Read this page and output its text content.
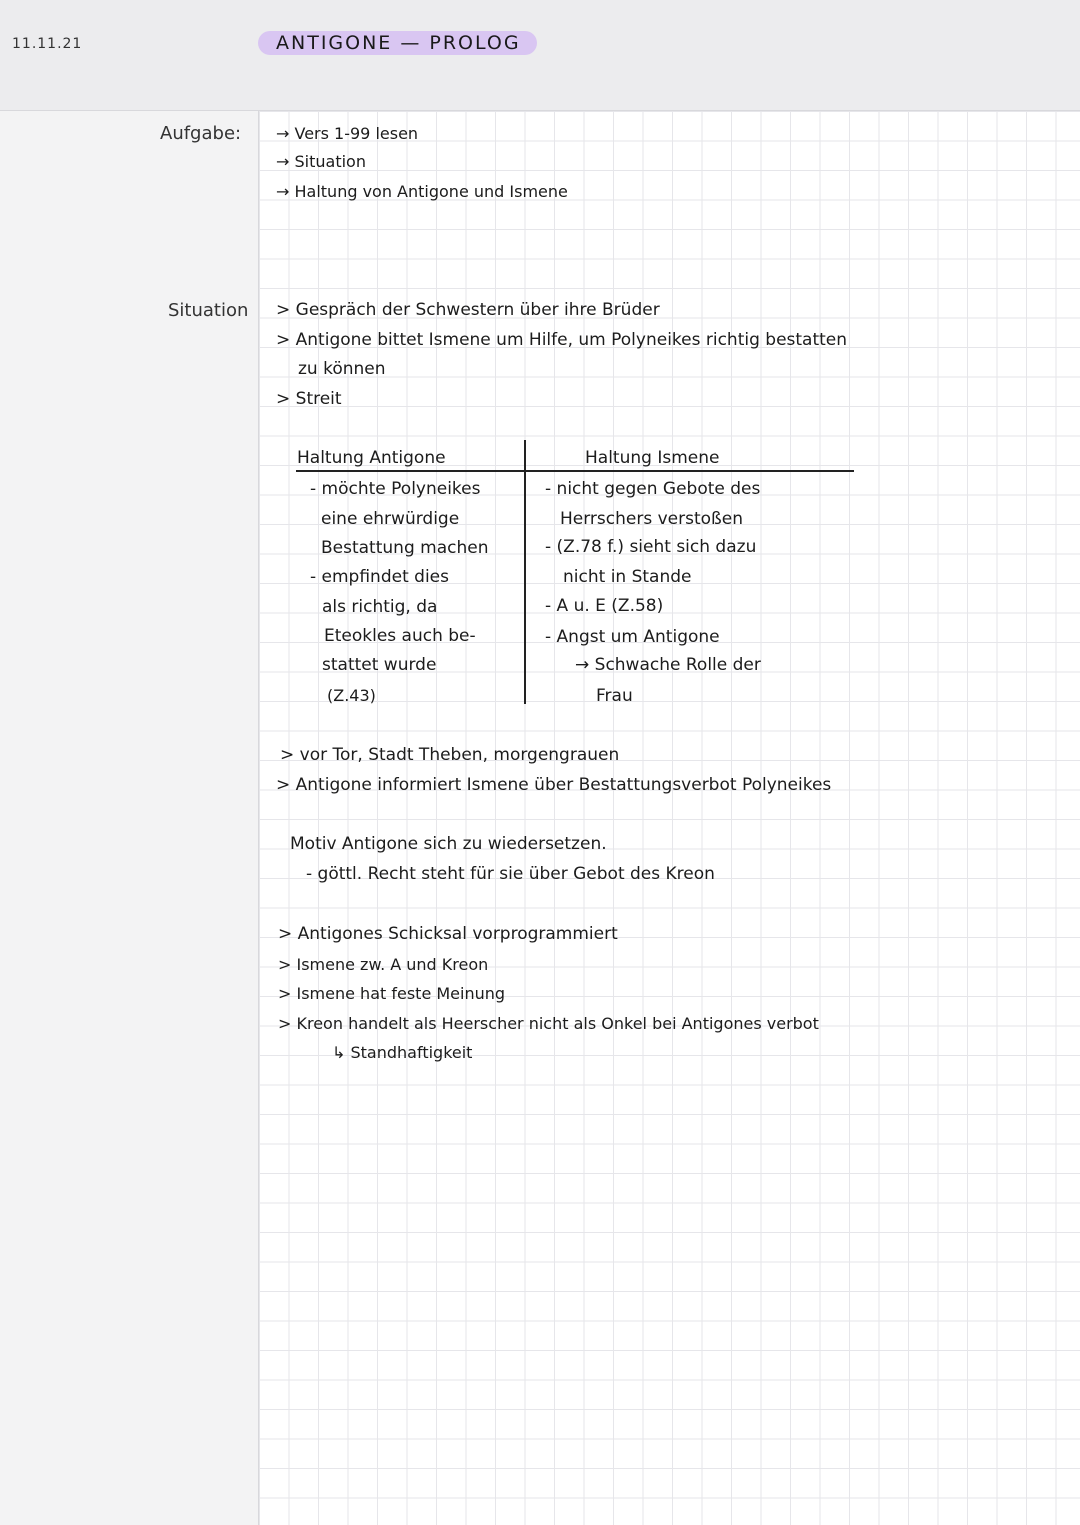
11.11.21	ANTIGONE — PROLOG
Aufgabe: → Vers 1-99 lesen
→ Situation
→ Haltung von Antigone und Ismene
Situation > Gespräch der Schwestern über ihre Brüder
> Antigone bittet Ismene um Hilfe, um Polyneikes richtig bestatten
zu können
> Streit
Haltung Antigone
- möchte Polyneikes
eine ehrwürdige
Bestattung machen
- empfindet dies
als richtig, da
Eteokles auch be-
stattet wurde
(Z.43)
Haltung Ismene
- nicht gegen Gebote des
Herrschers verstoßen
- (Z.78 f.) sieht sich dazu
nicht in Stande
- A u. E (Z.58)
- Angst um Antigone
→ Schwache Rolle der
Frau
> vor Tor, Stadt Theben, morgengrauen
> Antigone informiert Ismene über Bestattungsverbot Polyneikes
Motiv Antigone sich zu wiedersetzen.
- göttl. Recht steht für sie über Gebot des Kreon
> Antigones Schicksal vorprogrammiert
> Ismene zw. A und Kreon
> Ismene hat feste Meinung
> Kreon handelt als Heerscher nicht als Onkel bei Antigones verbot
↳ Standhaftigkeit
